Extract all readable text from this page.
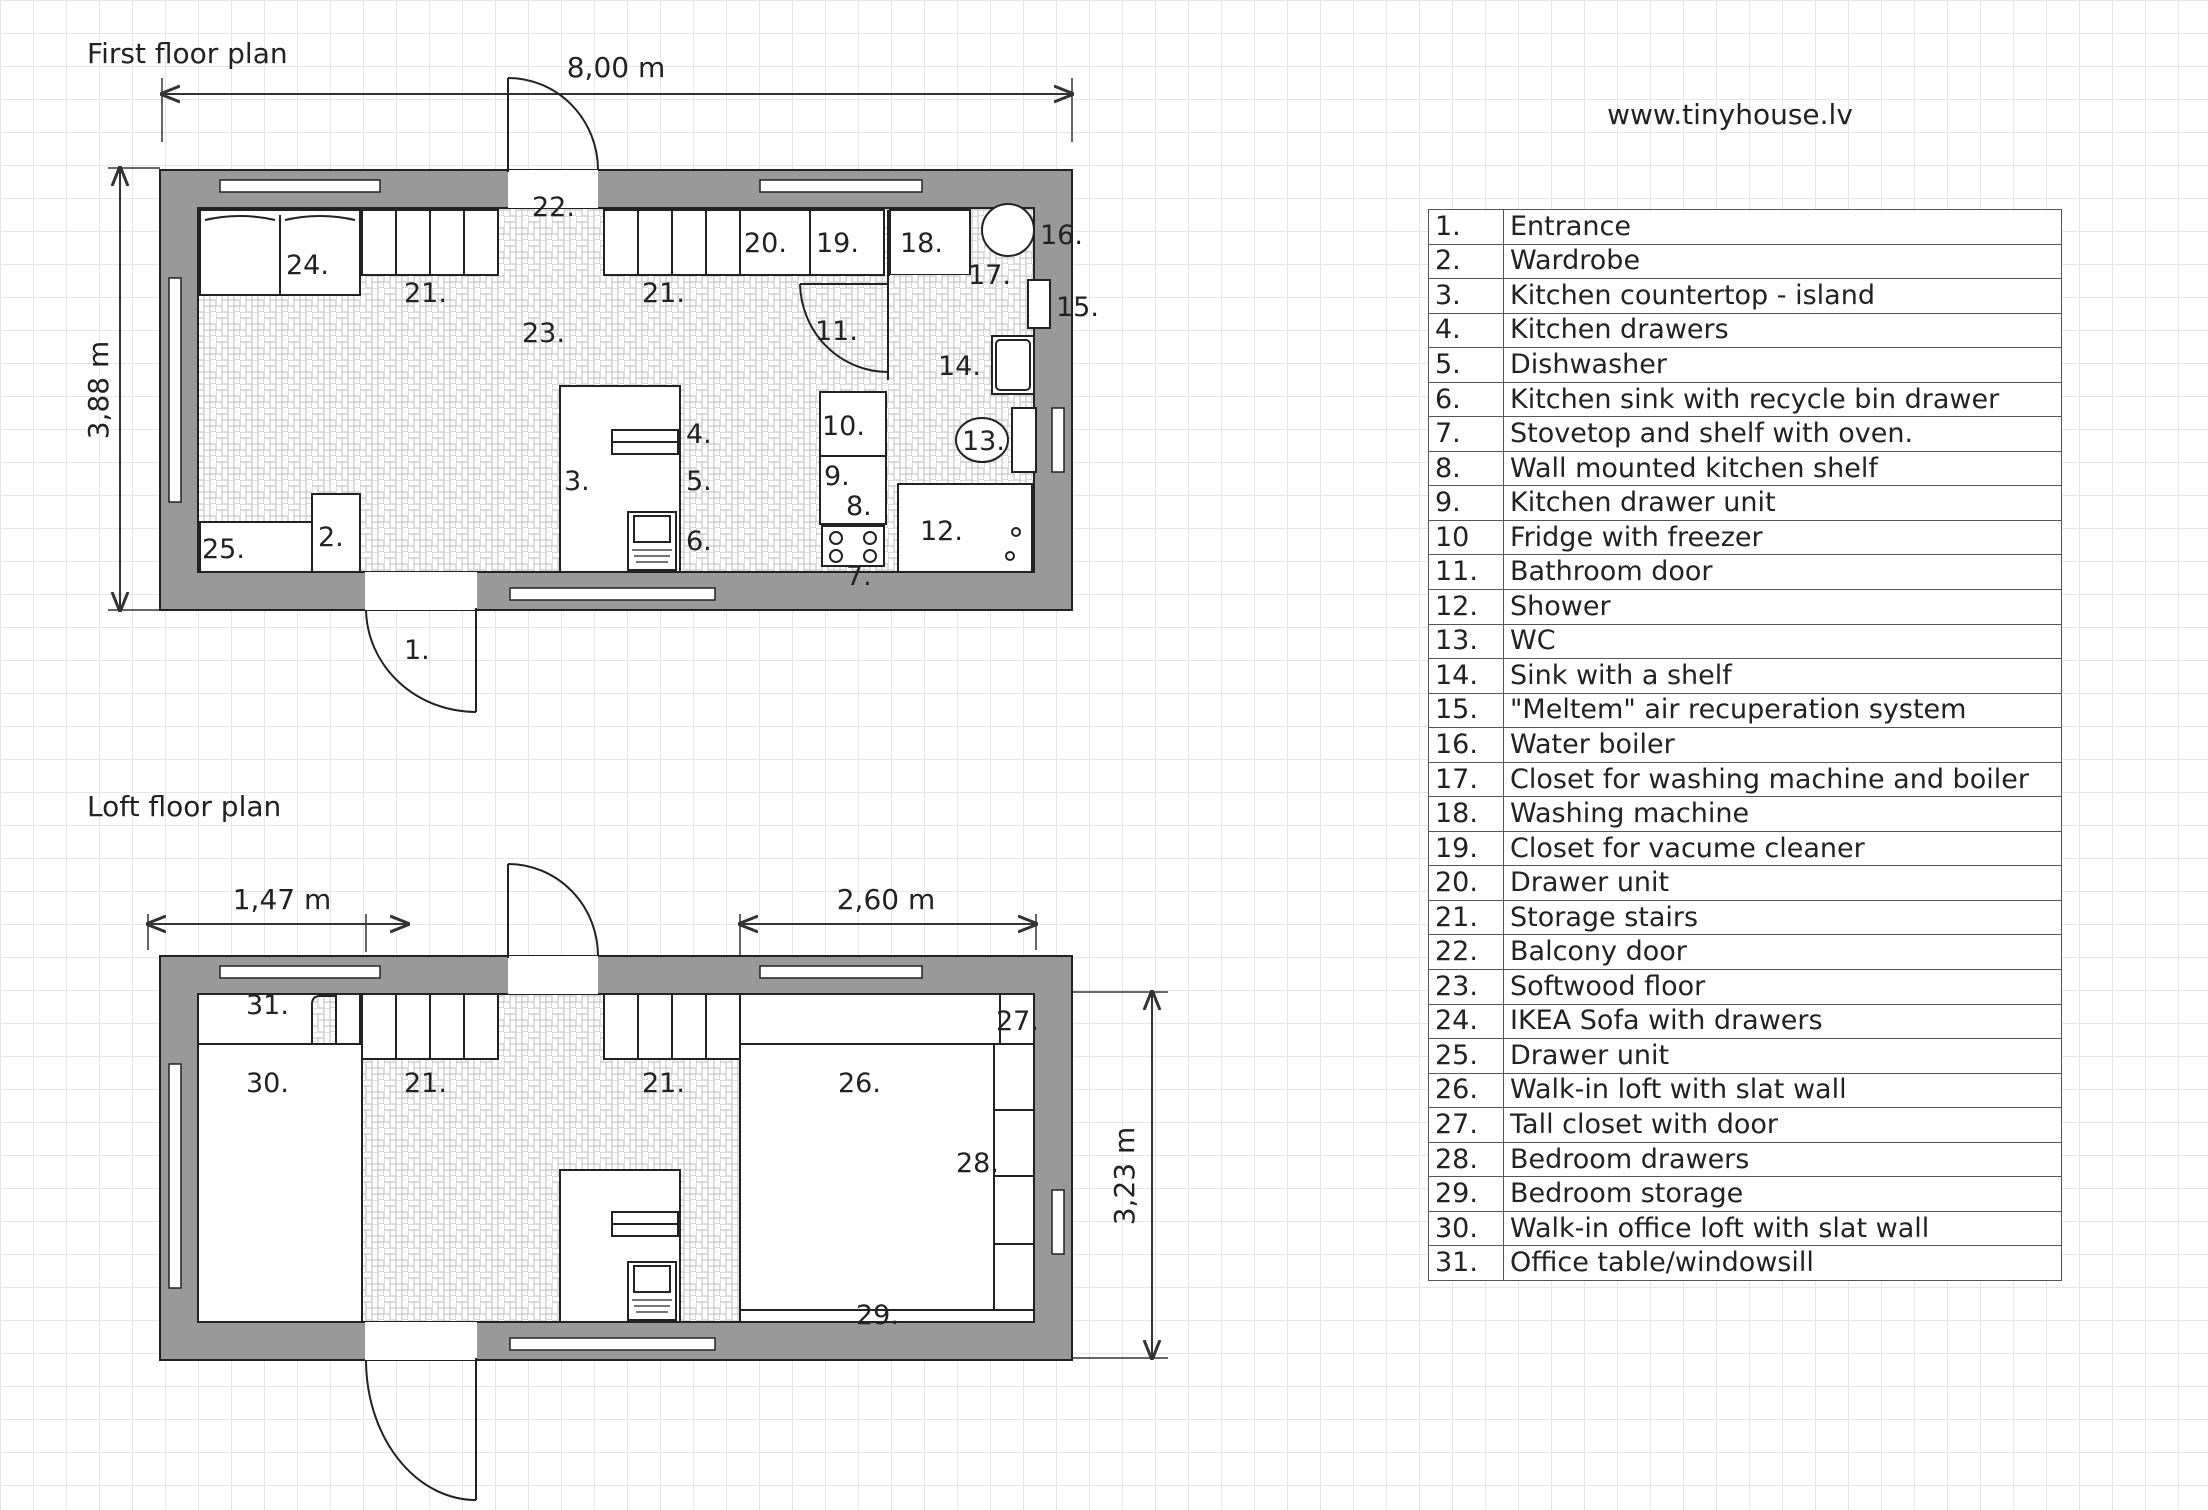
First floor plan	8,00 m
3,88 m
1.
2.
3.
4.
5.
6.
7.
8.
9.
10.
11.
12.
13.
14.
15.
16.
17.
18.
19.
20.
21.	21.
22.
23.
24.
25.
Loft floor plan
1,47 m	2,60 m
3,23 m
21.	21.	26.
27.
28.
29.
30.
31.
www.tinyhouse.lv
1.	Entrance
2.	Wardrobe
3.	Kitchen countertop - island
4.	Kitchen drawers
5.	Dishwasher
6.	Kitchen sink with recycle bin drawer
7.	Stovetop and shelf with oven.
8.	Wall mounted kitchen shelf
9.	Kitchen drawer unit
10	Fridge with freezer
11.	Bathroom door
12.	Shower
13.	WC
14.	Sink with a shelf
15.	"Meltem" air recuperation system
16.	Water boiler
17.	Closet for washing machine and boiler
18.	Washing machine
19.	Closet for vacume cleaner
20.	Drawer unit
21.	Storage stairs
22.	Balcony door
23.	Softwood floor
24.	IKEA Sofa with drawers
25.	Drawer unit
26.	Walk-in loft with slat wall
27.	Tall closet with door
28.	Bedroom drawers
29.	Bedroom storage
30.	Walk-in office loft with slat wall
31.	Office table/windowsill
